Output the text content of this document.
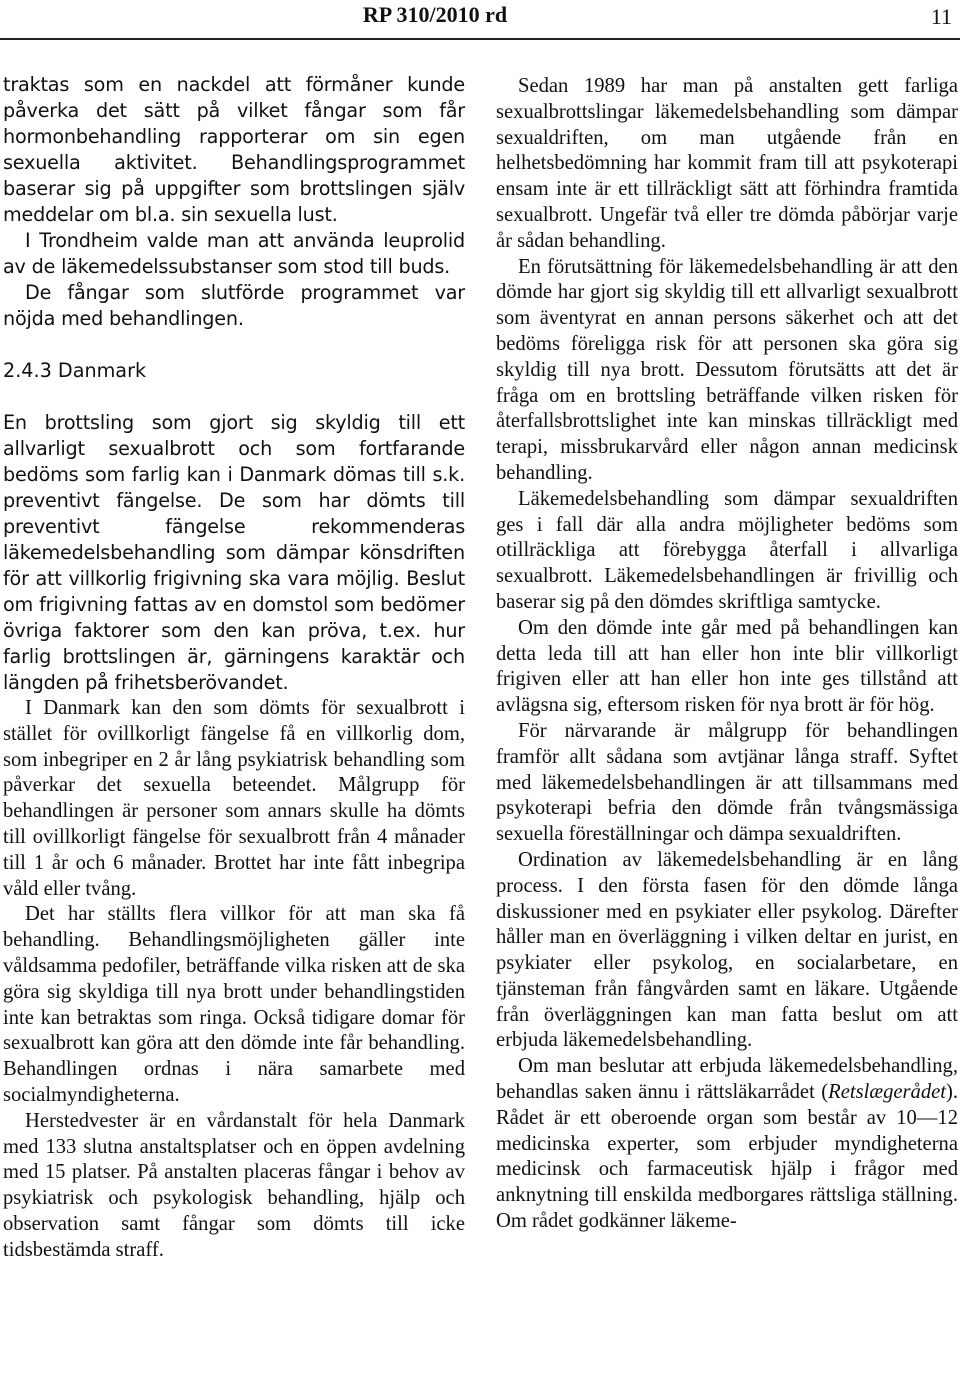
RP 310/2010 rd	11

traktas som en nackdel att förmåner kunde påverka det sätt på vilket fångar som får hormonbehandling rapporterar om sin egen sexuella aktivitet. Behandlingsprogrammet baserar sig på uppgifter som brottslingen själv meddelar om bl.a. sin sexuella lust.

I Trondheim valde man att använda leuprolid av de läkemedelssubstanser som stod till buds.

De fångar som slutförde programmet var nöjda med behandlingen.

2.4.3 Danmark

En brottsling som gjort sig skyldig till ett allvarligt sexualbrott och som fortfarande bedöms som farlig kan i Danmark dömas till s.k. preventivt fängelse. De som har dömts till preventivt fängelse rekommenderas läkemedelsbehandling som dämpar könsdriften för att villkorlig frigivning ska vara möjlig. Beslut om frigivning fattas av en domstol som bedömer övriga faktorer som den kan pröva, t.ex. hur farlig brottslingen är, gärningens karaktär och längden på frihetsberövandet.

I Danmark kan den som dömts för sexualbrott i stället för ovillkorligt fängelse få en villkorlig dom, som inbegriper en 2 år lång psykiatrisk behandling som påverkar det sexuella beteendet. Målgrupp för behandlingen är personer som annars skulle ha dömts till ovillkorligt fängelse för sexualbrott från 4 månader till 1 år och 6 månader. Brottet har inte fått inbegripa våld eller tvång.

Det har ställts flera villkor för att man ska få behandling. Behandlingsmöjligheten gäller inte våldsamma pedofiler, beträffande vilka risken att de ska göra sig skyldiga till nya brott under behandlingstiden inte kan betraktas som ringa. Också tidigare domar för sexualbrott kan göra att den dömde inte får behandling. Behandlingen ordnas i nära samarbete med socialmyndigheterna.

Herstedvester är en vårdanstalt för hela Danmark med 133 slutna anstaltsplatser och en öppen avdelning med 15 platser. På anstalten placeras fångar i behov av psykiatrisk och psykologisk behandling, hjälp och observation samt fångar som dömts till icke tidsbestämda straff.

Sedan 1989 har man på anstalten gett farliga sexualbrottslingar läkemedelsbehandling som dämpar sexualdriften, om man utgående från en helhetsbedömning har kommit fram till att psykoterapi ensam inte är ett tillräckligt sätt att förhindra framtida sexualbrott. Ungefär två eller tre dömda påbörjar varje år sådan behandling.

En förutsättning för läkemedelsbehandling är att den dömde har gjort sig skyldig till ett allvarligt sexualbrott som äventyrat en annan persons säkerhet och att det bedöms föreligga risk för att personen ska göra sig skyldig till nya brott. Dessutom förutsätts att det är fråga om en brottsling beträffande vilken risken för återfallsbrottslighet inte kan minskas tillräckligt med terapi, missbrukarvård eller någon annan medicinsk behandling.

Läkemedelsbehandling som dämpar sexualdriften ges i fall där alla andra möjligheter bedöms som otillräckliga att förebygga återfall i allvarliga sexualbrott. Läkemedelsbehandlingen är frivillig och baserar sig på den dömdes skriftliga samtycke.

Om den dömde inte går med på behandlingen kan detta leda till att han eller hon inte blir villkorligt frigiven eller att han eller hon inte ges tillstånd att avlägsna sig, eftersom risken för nya brott är för hög.

För närvarande är målgrupp för behandlingen framför allt sådana som avtjänar långa straff. Syftet med läkemedelsbehandlingen är att tillsammans med psykoterapi befria den dömde från tvångsmässiga sexuella föreställningar och dämpa sexualdriften.

Ordination av läkemedelsbehandling är en lång process. I den första fasen för den dömde långa diskussioner med en psykiater eller psykolog. Därefter håller man en överläggning i vilken deltar en jurist, en psykiater eller psykolog, en socialarbetare, en tjänsteman från fångvården samt en läkare. Utgående från överläggningen kan man fatta beslut om att erbjuda läkemedelsbehandling.

Om man beslutar att erbjuda läkemedelsbehandling, behandlas saken ännu i rättsläkarrådet (Retslægerådet). Rådet är ett oberoende organ som består av 10—12 medicinska experter, som erbjuder myndigheterna medicinsk och farmaceutisk hjälp i frågor med anknytning till enskilda medborgares rättsliga ställning. Om rådet godkänner läkeme-
